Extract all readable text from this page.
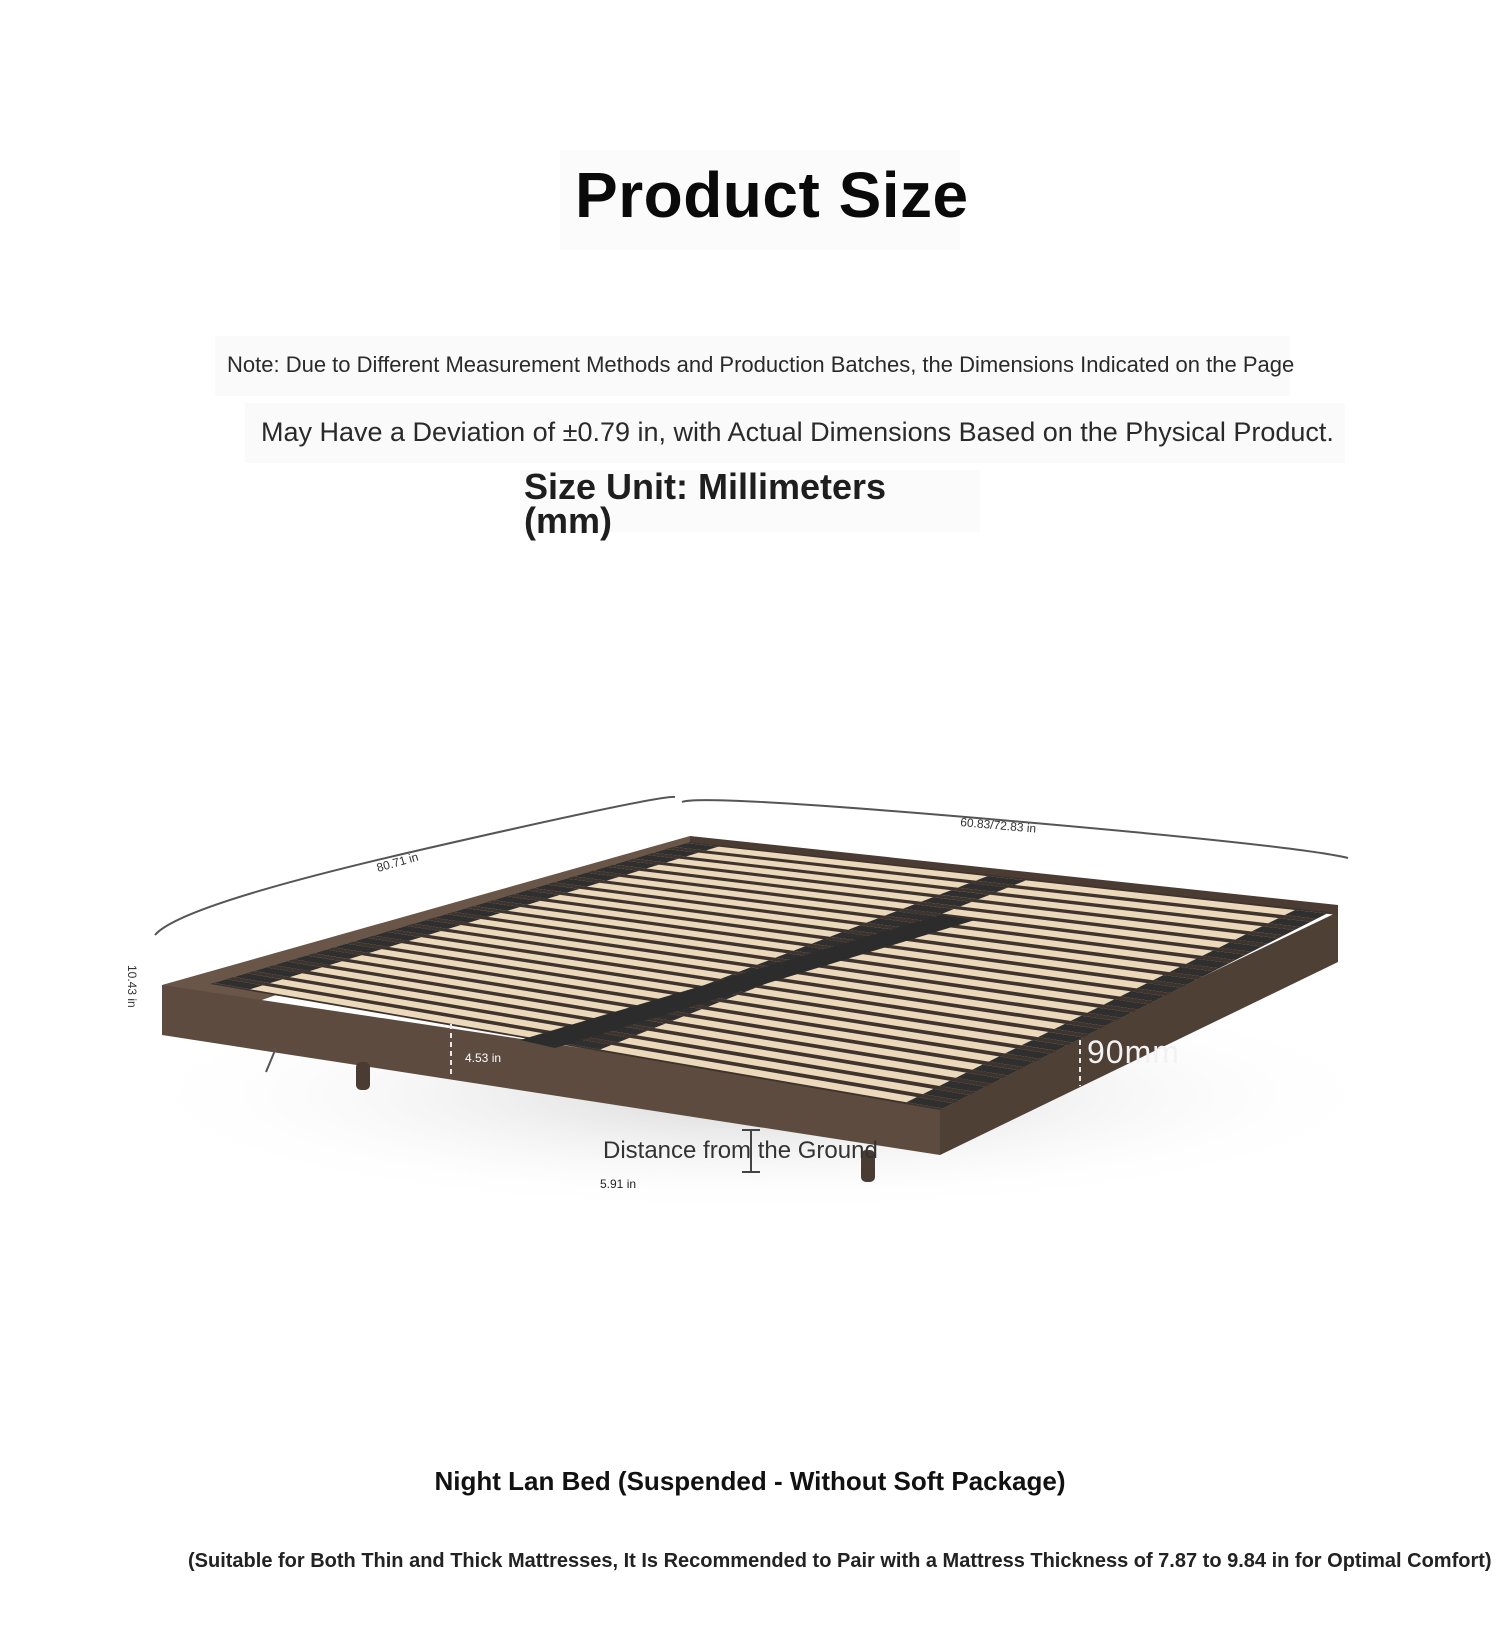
Product Size
Note: Due to Different Measurement Methods and Production Batches, the Dimensions Indicated on the Page
May Have a Deviation of ±0.79 in, with Actual Dimensions Based on the Physical Product.
Size Unit: Millimeters (mm)
80.71 in
60.83/72.83 in
10.43 in
4.53 in	90mm
Distance from the Ground
5.91 in
Night Lan Bed (Suspended - Without Soft Package)
(Suitable for Both Thin and Thick Mattresses, It Is Recommended to Pair with a Mattress Thickness of 7.87 to 9.84 in for Optimal Comfort)
